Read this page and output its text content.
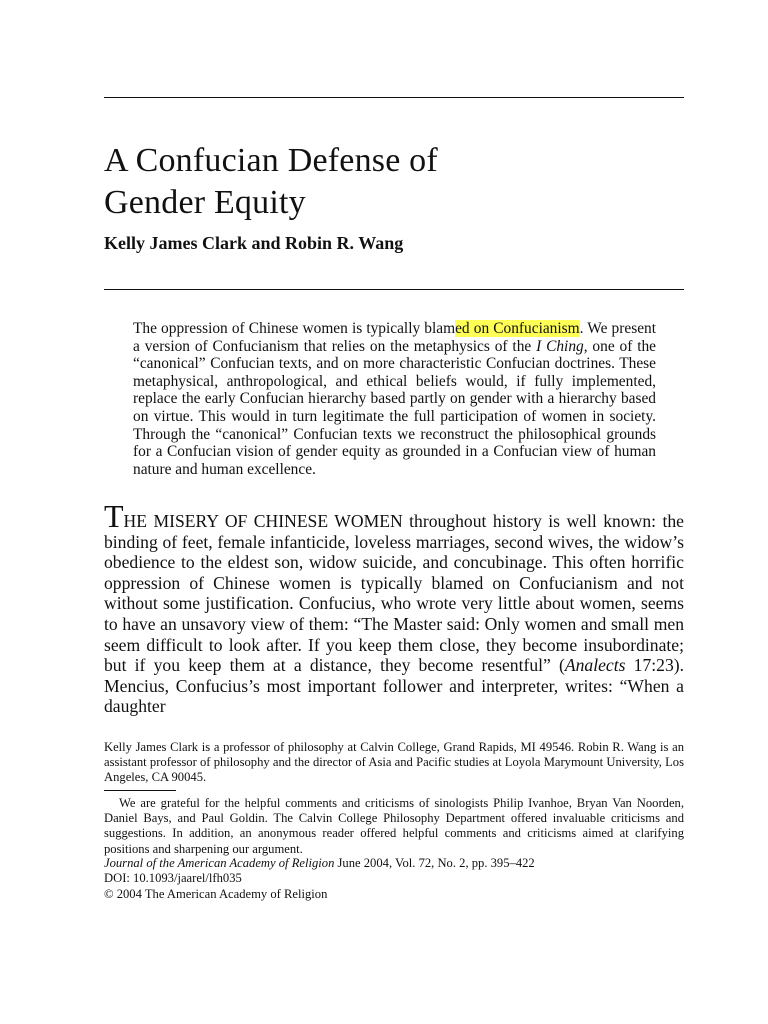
A Confucian Defense of
Gender Equity

Kelly James Clark and Robin R. Wang

The oppression of Chinese women is typically blamed on Confucianism. We present a version of Confucianism that relies on the metaphysics of the I Ching, one of the “canonical” Confucian texts, and on more characteristic Confucian doctrines. These metaphysical, anthropological, and ethical beliefs would, if fully implemented, replace the early Confucian hierarchy based partly on gender with a hierarchy based on virtue. This would in turn legitimate the full participation of women in society. Through the “canonical” Confucian texts we reconstruct the philosophical grounds for a Confucian vision of gender equity as grounded in a Confucian view of human nature and human excellence.

THE MISERY OF CHINESE WOMEN throughout history is well known: the binding of feet, female infanticide, loveless marriages, second wives, the widow’s obedience to the eldest son, widow suicide, and concubinage. This often horrific oppression of Chinese women is typically blamed on Confucianism and not without some justification. Confucius, who wrote very little about women, seems to have an unsavory view of them: “The Master said: Only women and small men seem difficult to look after. If you keep them close, they become insubordinate; but if you keep them at a distance, they become resentful” (Analects 17:23). Mencius, Confucius’s most important follower and interpreter, writes: “When a daughter

Kelly James Clark is a professor of philosophy at Calvin College, Grand Rapids, MI 49546. Robin R. Wang is an assistant professor of philosophy and the director of Asia and Pacific studies at Loyola Marymount University, Los Angeles, CA 90045.

We are grateful for the helpful comments and criticisms of sinologists Philip Ivanhoe, Bryan Van Noorden, Daniel Bays, and Paul Goldin. The Calvin College Philosophy Department offered invaluable criticisms and suggestions. In addition, an anonymous reader offered helpful comments and criticisms aimed at clarifying positions and sharpening our argument.

Journal of the American Academy of Religion June 2004, Vol. 72, No. 2, pp. 395–422
DOI: 10.1093/jaarel/lfh035
© 2004 The American Academy of Religion
